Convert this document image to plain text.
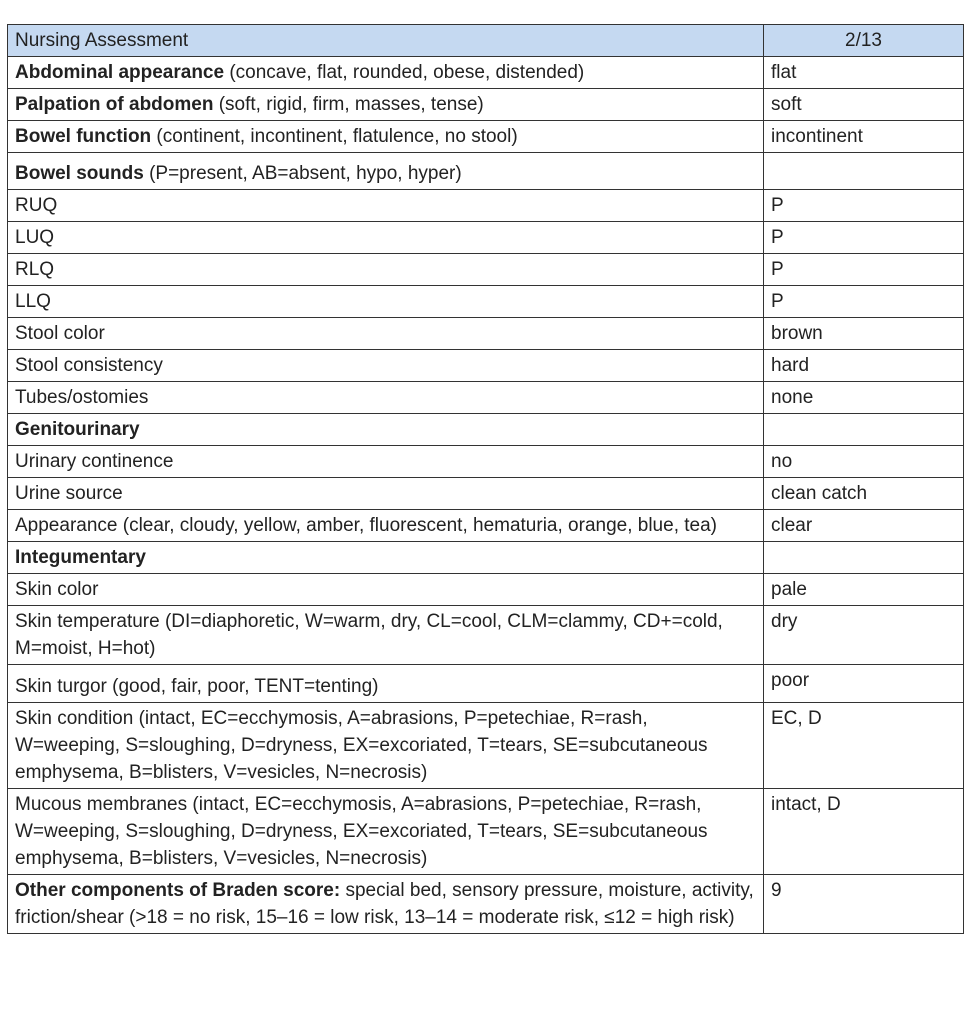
Nursing Assessment	2/13
Abdominal appearance (concave, flat, rounded, obese, distended)	flat
Palpation of abdomen (soft, rigid, firm, masses, tense)	soft
Bowel function (continent, incontinent, flatulence, no stool)	incontinent
Bowel sounds (P=present, AB=absent, hypo, hyper)	
RUQ	P
LUQ	P
RLQ	P
LLQ	P
Stool color	brown
Stool consistency	hard
Tubes/ostomies	none
Genitourinary	
Urinary continence	no
Urine source	clean catch
Appearance (clear, cloudy, yellow, amber, fluorescent, hematuria, orange, blue, tea)	clear
Integumentary	
Skin color	pale
Skin temperature (DI=diaphoretic, W=warm, dry, CL=cool, CLM=clammy, CD+=cold, M=moist, H=hot)	dry
Skin turgor (good, fair, poor, TENT=tenting)	poor
Skin condition (intact, EC=ecchymosis, A=abrasions, P=petechiae, R=rash, W=weeping, S=sloughing, D=dryness, EX=excoriated, T=tears, SE=subcutaneous emphysema, B=blisters, V=vesicles, N=necrosis)	EC, D
Mucous membranes (intact, EC=ecchymosis, A=abrasions, P=petechiae, R=rash, W=weeping, S=sloughing, D=dryness, EX=excoriated, T=tears, SE=subcutaneous emphysema, B=blisters, V=vesicles, N=necrosis)	intact, D
Other components of Braden score: special bed, sensory pressure, moisture, activity, friction/shear (>18 = no risk, 15–16 = low risk, 13–14 = moderate risk, ≤12 = high risk)	9
